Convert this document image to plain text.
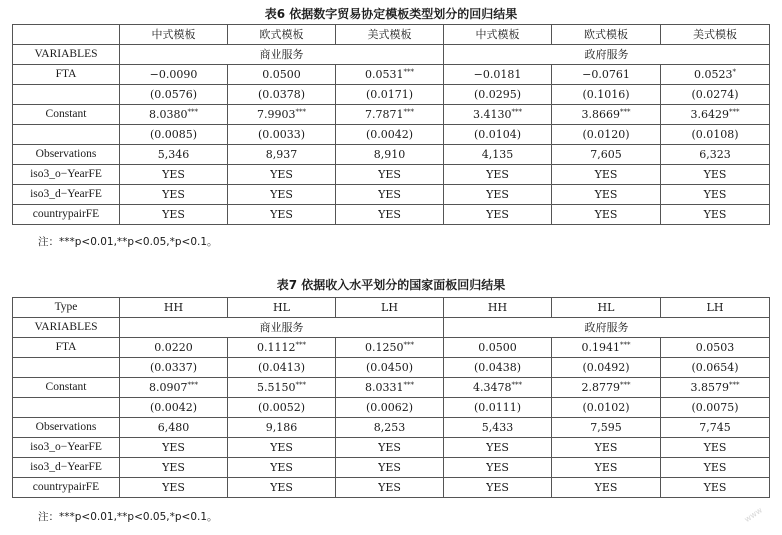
表6 依据数字贸易协定模板类型划分的回归结果
	中式模板	欧式模板	美式模板	中式模板	欧式模板	美式模板
VARIABLES	商业服务			政府服务		
FTA	−0.0090	0.0500	0.0531***	−0.0181	−0.0761	0.0523*
	(0.0576)	(0.0378)	(0.0171)	(0.0295)	(0.1016)	(0.0274)
Constant	8.0380***	7.9903***	7.7871***	3.4130***	3.8669***	3.6429***
	(0.0085)	(0.0033)	(0.0042)	(0.0104)	(0.0120)	(0.0108)
Observations	5,346	8,937	8,910	4,135	7,605	6,323
iso3_o−YearFE	YES	YES	YES	YES	YES	YES
iso3_d−YearFE	YES	YES	YES	YES	YES	YES
countrypairFE	YES	YES	YES	YES	YES	YES
注：***p<0.01,**p<0.05,*p<0.1。
表7 依据收入水平划分的国家面板回归结果
Type	HH	HL	LH	HH	HL	LH
VARIABLES	商业服务			政府服务		
FTA	0.0220	0.1112***	0.1250***	0.0500	0.1941***	0.0503
	(0.0337)	(0.0413)	(0.0450)	(0.0438)	(0.0492)	(0.0654)
Constant	8.0907***	5.5150***	8.0331***	4.3478***	2.8779***	3.8579***
	(0.0042)	(0.0052)	(0.0062)	(0.0111)	(0.0102)	(0.0075)
Observations	6,480	9,186	8,253	5,433	7,595	7,745
iso3_o−YearFE	YES	YES	YES	YES	YES	YES
iso3_d−YearFE	YES	YES	YES	YES	YES	YES
countrypairFE	YES	YES	YES	YES	YES	YES
注：***p<0.01,**p<0.05,*p<0.1。	www
